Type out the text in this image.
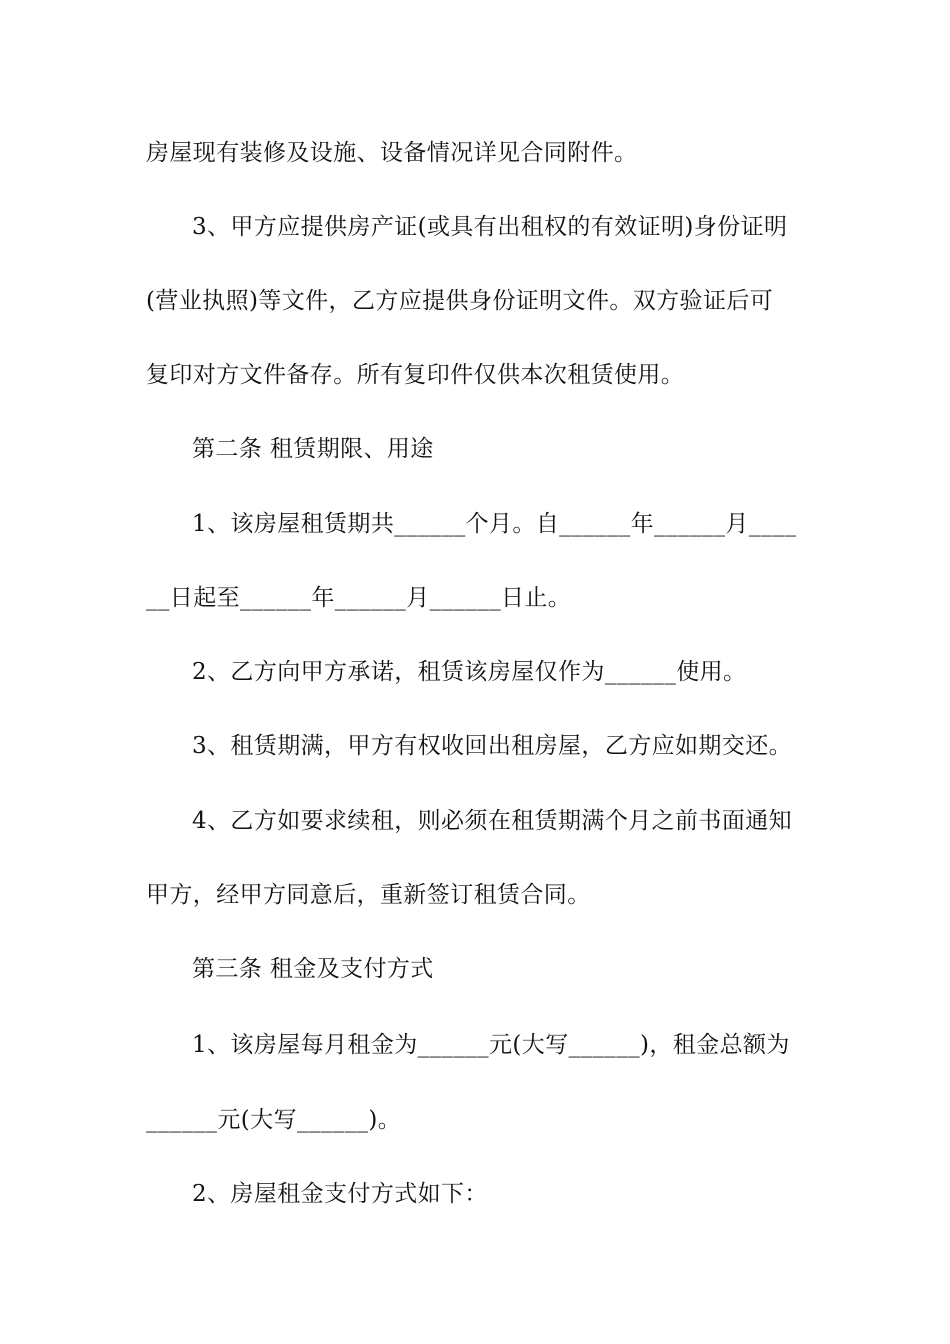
房屋现有装修及设施、设备情况详见合同附件。
3、甲方应提供房产证(或具有出租权的有效证明)身份证明
(营业执照)等文件，乙方应提供身份证明文件。双方验证后可
复印对方文件备存。所有复印件仅供本次租赁使用。
第二条 租赁期限、用途
1、该房屋租赁期共______个月。自______年______月____
__日起至______年______月______日止。
2、乙方向甲方承诺，租赁该房屋仅作为______使用。
3、租赁期满，甲方有权收回出租房屋，乙方应如期交还。
4、乙方如要求续租，则必须在租赁期满个月之前书面通知
甲方，经甲方同意后，重新签订租赁合同。
第三条 租金及支付方式
1、该房屋每月租金为______元(大写______)，租金总额为
______元(大写______)。
2、房屋租金支付方式如下：
